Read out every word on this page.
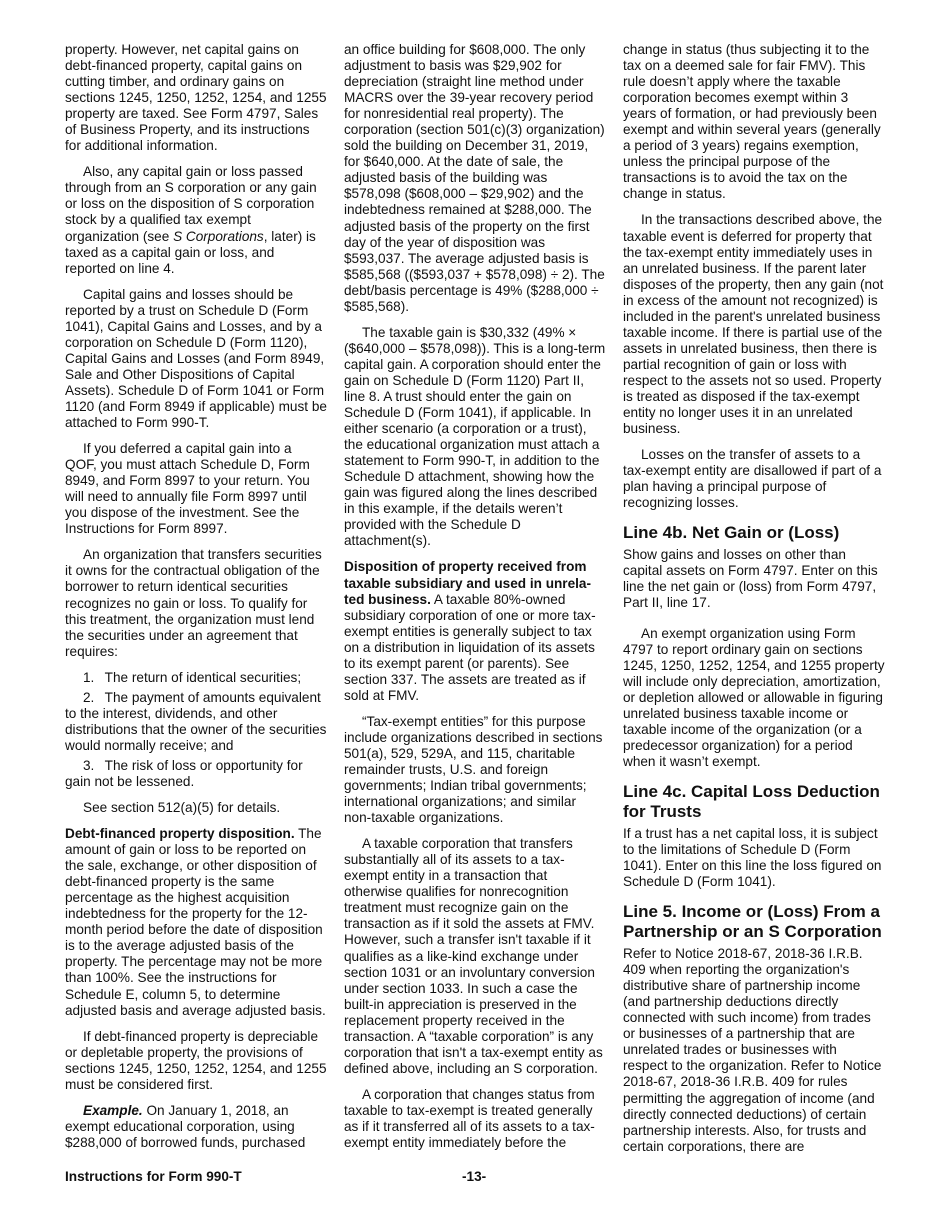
property. However, net capital gains on debt-financed property, capital gains on cutting timber, and ordinary gains on sections 1245, 1250, 1252, 1254, and 1255 property are taxed. See Form 4797, Sales of Business Property, and its instructions for additional information.

Also, any capital gain or loss passed through from an S corporation or any gain or loss on the disposition of S corporation stock by a qualified tax exempt organization (see S Corporations, later) is taxed as a capital gain or loss, and reported on line 4.

Capital gains and losses should be reported by a trust on Schedule D (Form 1041), Capital Gains and Losses, and by a corporation on Schedule D (Form 1120), Capital Gains and Losses (and Form 8949, Sale and Other Dispositions of Capital Assets). Schedule D of Form 1041 or Form 1120 (and Form 8949 if applicable) must be attached to Form 990-T.

If you deferred a capital gain into a QOF, you must attach Schedule D, Form 8949, and Form 8997 to your return. You will need to annually file Form 8997 until you dispose of the investment. See the Instructions for Form 8997.

An organization that transfers securities it owns for the contractual obligation of the borrower to return identical securities recognizes no gain or loss. To qualify for this treatment, the organization must lend the securities under an agreement that requires:

1.  The return of identical securities;

2.  The payment of amounts equivalent to the interest, dividends, and other distributions that the owner of the securities would normally receive; and

3.  The risk of loss or opportunity for gain not be lessened.

See section 512(a)(5) for details.

Debt-financed property disposition. The amount of gain or loss to be reported on the sale, exchange, or other disposition of debt-financed property is the same percentage as the highest acquisition indebtedness for the property for the 12-month period before the date of disposition is to the average adjusted basis of the property. The percentage may not be more than 100%. See the instructions for Schedule E, column 5, to determine adjusted basis and average adjusted basis.

If debt-financed property is depreciable or depletable property, the provisions of sections 1245, 1250, 1252, 1254, and 1255 must be considered first.

Example. On January 1, 2018, an exempt educational corporation, using $288,000 of borrowed funds, purchased

an office building for $608,000. The only adjustment to basis was $29,902 for depreciation (straight line method under MACRS over the 39-year recovery period for nonresidential real property). The corporation (section 501(c)(3) organization) sold the building on December 31, 2019, for $640,000. At the date of sale, the adjusted basis of the building was $578,098 ($608,000 – $29,902) and the indebtedness remained at $288,000. The adjusted basis of the property on the first day of the year of disposition was $593,037. The average adjusted basis is $585,568 (($593,037 + $578,098) ÷ 2). The debt/basis percentage is 49% ($288,000 ÷ $585,568).

The taxable gain is $30,332 (49% × ($640,000 – $578,098)). This is a long-term capital gain. A corporation should enter the gain on Schedule D (Form 1120) Part II, line 8. A trust should enter the gain on Schedule D (Form 1041), if applicable. In either scenario (a corporation or a trust), the educational organization must attach a statement to Form 990-T, in addition to the Schedule D attachment, showing how the gain was figured along the lines described in this example, if the details weren’t provided with the Schedule D attachment(s).

Disposition of property received from taxable subsidiary and used in unrela-ted business. A taxable 80%-owned subsidiary corporation of one or more tax-exempt entities is generally subject to tax on a distribution in liquidation of its assets to its exempt parent (or parents). See section 337. The assets are treated as if sold at FMV.

“Tax-exempt entities” for this purpose include organizations described in sections 501(a), 529, 529A, and 115, charitable remainder trusts, U.S. and foreign governments; Indian tribal governments; international organizations; and similar non-taxable organizations.

A taxable corporation that transfers substantially all of its assets to a tax-exempt entity in a transaction that otherwise qualifies for nonrecognition treatment must recognize gain on the transaction as if it sold the assets at FMV. However, such a transfer isn't taxable if it qualifies as a like-kind exchange under section 1031 or an involuntary conversion under section 1033. In such a case the built-in appreciation is preserved in the replacement property received in the transaction. A “taxable corporation” is any corporation that isn't a tax-exempt entity as defined above, including an S corporation.

A corporation that changes status from taxable to tax-exempt is treated generally as if it transferred all of its assets to a tax-exempt entity immediately before the

change in status (thus subjecting it to the tax on a deemed sale for fair FMV). This rule doesn’t apply where the taxable corporation becomes exempt within 3 years of formation, or had previously been exempt and within several years (generally a period of 3 years) regains exemption, unless the principal purpose of the transactions is to avoid the tax on the change in status.

In the transactions described above, the taxable event is deferred for property that the tax-exempt entity immediately uses in an unrelated business. If the parent later disposes of the property, then any gain (not in excess of the amount not recognized) is included in the parent's unrelated business taxable income. If there is partial use of the assets in unrelated business, then there is partial recognition of gain or loss with respect to the assets not so used. Property is treated as disposed if the tax-exempt entity no longer uses it in an unrelated business.

Losses on the transfer of assets to a tax-exempt entity are disallowed if part of a plan having a principal purpose of recognizing losses.

Line 4b. Net Gain or (Loss)

Show gains and losses on other than capital assets on Form 4797. Enter on this line the net gain or (loss) from Form 4797, Part II, line 17.

An exempt organization using Form 4797 to report ordinary gain on sections 1245, 1250, 1252, 1254, and 1255 property will include only depreciation, amortization, or depletion allowed or allowable in figuring unrelated business taxable income or taxable income of the organization (or a predecessor organization) for a period when it wasn’t exempt.

Line 4c. Capital Loss Deduction for Trusts

If a trust has a net capital loss, it is subject to the limitations of Schedule D (Form 1041). Enter on this line the loss figured on Schedule D (Form 1041).

Line 5. Income or (Loss) From a Partnership or an S Corporation

Refer to Notice 2018-67, 2018-36 I.R.B. 409 when reporting the organization's distributive share of partnership income (and partnership deductions directly connected with such income) from trades or businesses of a partnership that are unrelated trades or businesses with respect to the organization. Refer to Notice 2018-67, 2018-36 I.R.B. 409 for rules permitting the aggregation of income (and directly connected deductions) of certain partnership interests. Also, for trusts and certain corporations, there are

Instructions for Form 990-T	-13-
